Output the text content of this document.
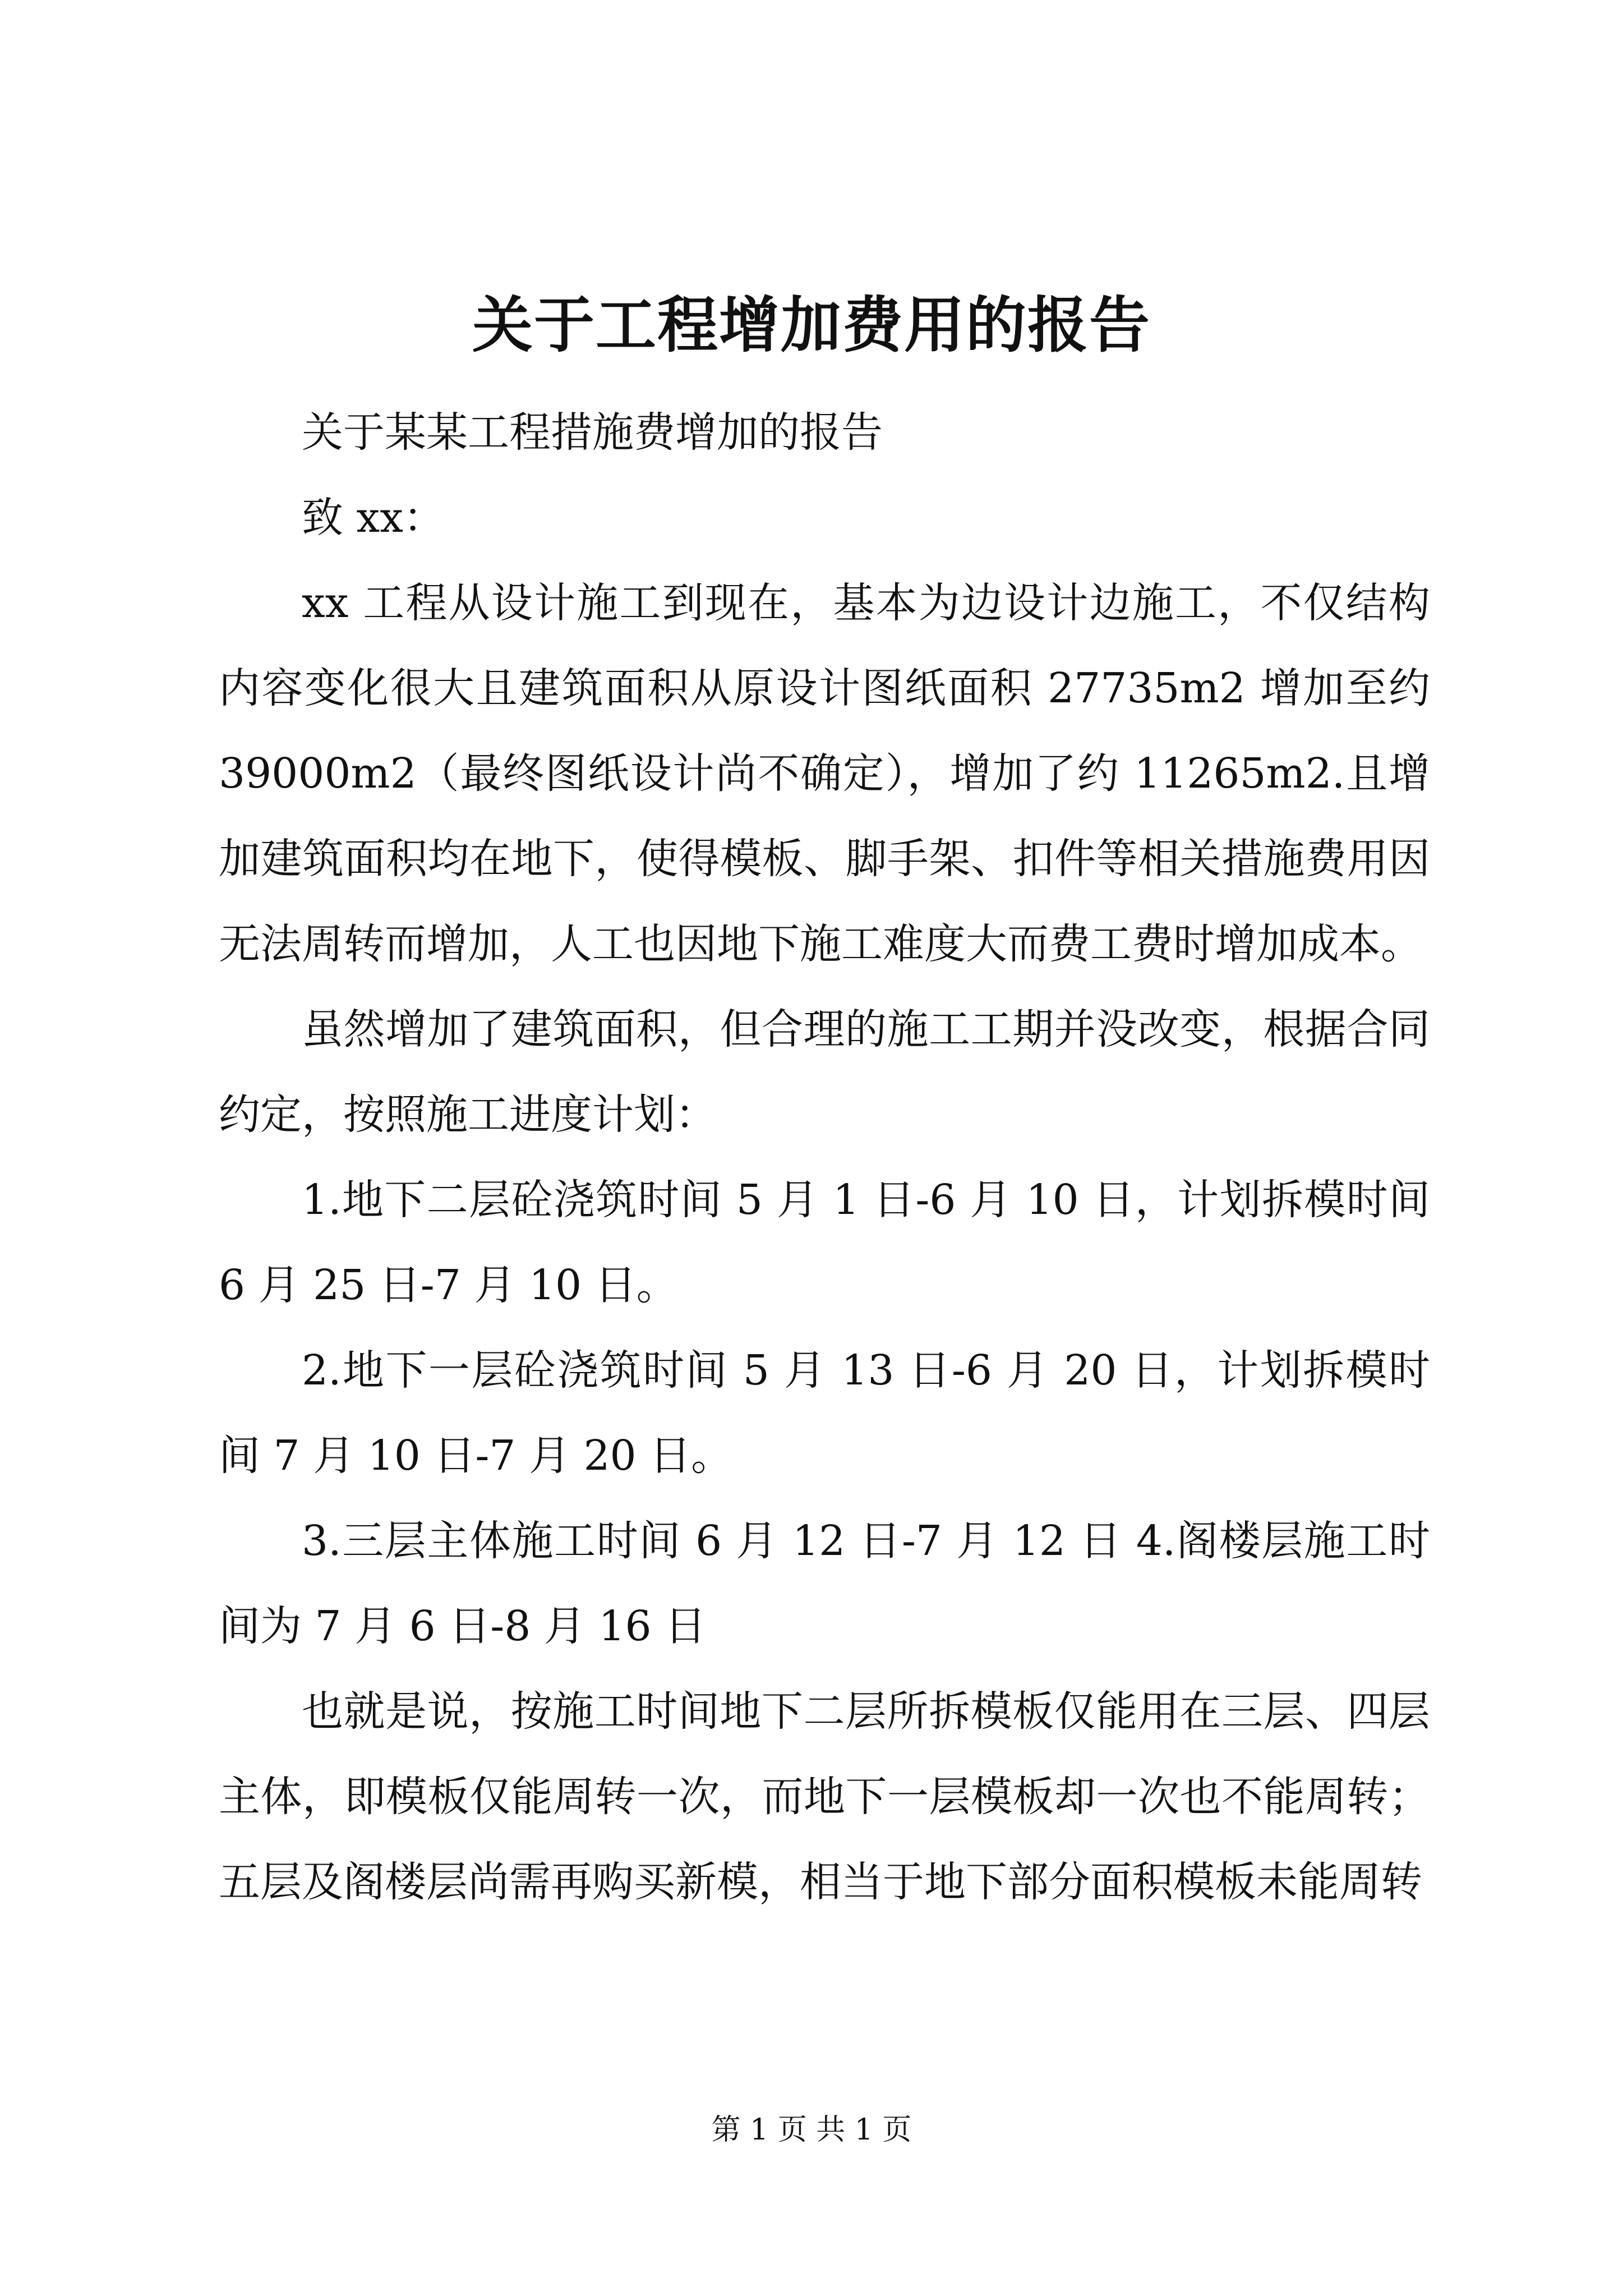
关于工程增加费用的报告

关于某某工程措施费增加的报告

致 xx：

xx 工程从设计施工到现在，基本为边设计边施工，不仅结构内容变化很大且建筑面积从原设计图纸面积 27735m2 增加至约 39000m2（最终图纸设计尚不确定），增加了约 11265m2.且增加建筑面积均在地下，使得模板、脚手架、扣件等相关措施费用因无法周转而增加，人工也因地下施工难度大而费工费时增加成本。

虽然增加了建筑面积，但合理的施工工期并没改变，根据合同约定，按照施工进度计划：

1.地下二层砼浇筑时间 5 月 1 日-6 月 10 日，计划拆模时间 6 月 25 日-7 月 10 日。

2.地下一层砼浇筑时间 5 月 13 日-6 月 20 日，计划拆模时间 7 月 10 日-7 月 20 日。

3.三层主体施工时间 6 月 12 日-7 月 12 日 4.阁楼层施工时间为 7 月 6 日-8 月 16 日

也就是说，按施工时间地下二层所拆模板仅能用在三层、四层主体，即模板仅能周转一次，而地下一层模板却一次也不能周转；五层及阁楼层尚需再购买新模，相当于地下部分面积模板未能周转

第 1 页 共 1 页
